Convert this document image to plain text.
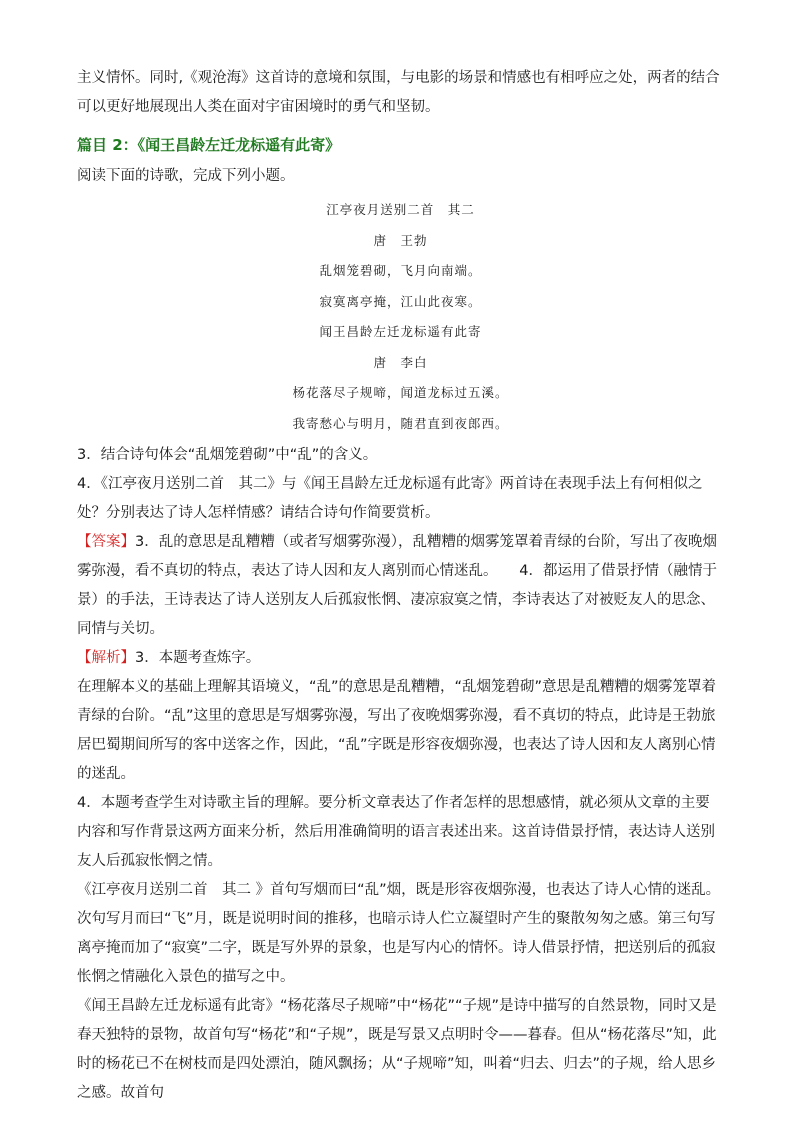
主义情怀。同时,《观沧海》这首诗的意境和氛围，与电影的场景和情感也有相呼应之处，两者的结合可以更好地展现出人类在面对宇宙困境时的勇气和坚韧。

篇目 2：《闻王昌龄左迁龙标遥有此寄》

阅读下面的诗歌，完成下列小题。

江亭夜月送别二首　其二
唐　王勃
乱烟笼碧砌，飞月向南端。
寂寞离亭掩，江山此夜寒。
闻王昌龄左迁龙标遥有此寄
唐　李白
杨花落尽子规啼，闻道龙标过五溪。
我寄愁心与明月，随君直到夜郎西。

3．结合诗句体会“乱烟笼碧砌”中“乱”的含义。

4．《江亭夜月送别二首　其二》与《闻王昌龄左迁龙标遥有此寄》两首诗在表现手法上有何相似之处？分别表达了诗人怎样情感？请结合诗句作简要赏析。

【答案】3．乱的意思是乱糟糟（或者写烟雾弥漫），乱糟糟的烟雾笼罩着青绿的台阶，写出了夜晚烟雾弥漫，看不真切的特点，表达了诗人因和友人离别而心情迷乱。　　4．都运用了借景抒情（融情于景）的手法，王诗表达了诗人送别友人后孤寂怅惘、凄凉寂寞之情，李诗表达了对被贬友人的思念、同情与关切。

【解析】3．本题考查炼字。

在理解本义的基础上理解其语境义，“乱”的意思是乱糟糟，“乱烟笼碧砌”意思是乱糟糟的烟雾笼罩着青绿的台阶。“乱”这里的意思是写烟雾弥漫，写出了夜晚烟雾弥漫，看不真切的特点，此诗是王勃旅居巴蜀期间所写的客中送客之作，因此，“乱”字既是形容夜烟弥漫，也表达了诗人因和友人离别心情的迷乱。

4．本题考查学生对诗歌主旨的理解。要分析文章表达了作者怎样的思想感情，就必须从文章的主要内容和写作背景这两方面来分析，然后用准确简明的语言表述出来。这首诗借景抒情，表达诗人送别友人后孤寂怅惘之情。

《江亭夜月送别二首　其二 》首句写烟而曰“乱”烟，既是形容夜烟弥漫，也表达了诗人心情的迷乱。次句写月而曰“飞”月，既是说明时间的推移，也暗示诗人伫立凝望时产生的聚散匆匆之感。第三句写离亭掩而加了“寂寞”二字，既是写外界的景象，也是写内心的情怀。诗人借景抒情，把送别后的孤寂怅惘之情融化入景色的描写之中。

《闻王昌龄左迁龙标遥有此寄》“杨花落尽子规啼”中“杨花”“子规”是诗中描写的自然景物，同时又是春天独特的景物，故首句写“杨花”和“子规”，既是写景又点明时令——暮春。但从“杨花落尽”知，此时的杨花已不在树枝而是四处漂泊，随风飘扬；从“子规啼”知，叫着“归去、归去”的子规，给人思乡之感。故首句
